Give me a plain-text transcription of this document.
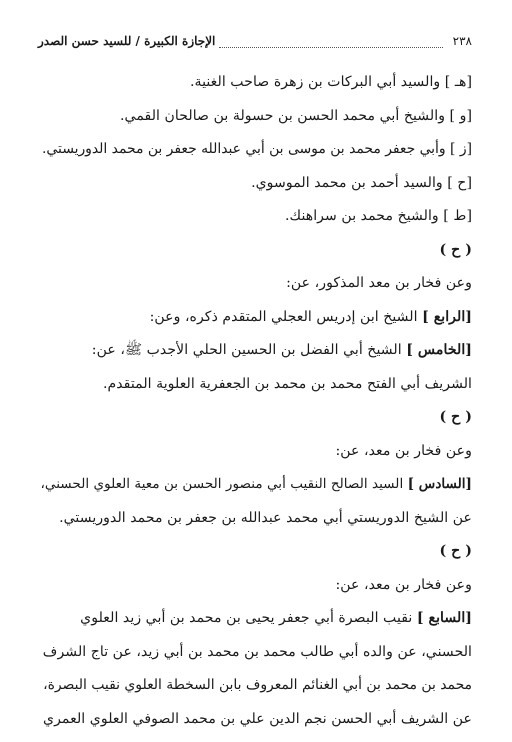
٢٣٨
الإجازة الكبيرة / للسيد حسن الصدر
[هـ ] والسيد أبي البركات بن زهرة صاحب الغنية.
[و ] والشيخ أبي محمد الحسن بن حسولة بن صالحان القمي.
[ز ] وأبي جعفر محمد بن موسى بن أبي عبدالله جعفر بن محمد الدوريستي.
[ح ] والسيد أحمد بن محمد الموسوي.
[ط ] والشيخ محمد بن سراهنك.
( ح )
وعن فخار بن معد المذكور، عن:
[الرابع ] الشيخ ابن إدريس العجلي المتقدم ذكره، وعن:
[الخامس ] الشيخ أبي الفضل بن الحسين الحلي الأجدب ﷺ، عن:
الشريف أبي الفتح محمد بن محمد بن الجعفرية العلوية المتقدم.
( ح )
وعن فخار بن معد، عن:
[السادس ] السيد الصالح النقيب أبي منصور الحسن بن معية العلوي الحسني،
عن الشيخ الدوريستي أبي محمد عبدالله بن جعفر بن محمد الدوريستي.
( ح )
وعن فخار بن معد، عن:
[السابع ] نقيب البصرة أبي جعفر يحيى بن محمد بن أبي زيد العلوي
الحسني، عن والده أبي طالب محمد بن محمد بن أبي زيد، عن تاج الشرف
محمد بن محمد بن أبي الغنائم المعروف بابن السخطة العلوي نقيب البصرة،
عن الشريف أبي الحسن نجم الدين علي بن محمد الصوفي العلوي العمري
